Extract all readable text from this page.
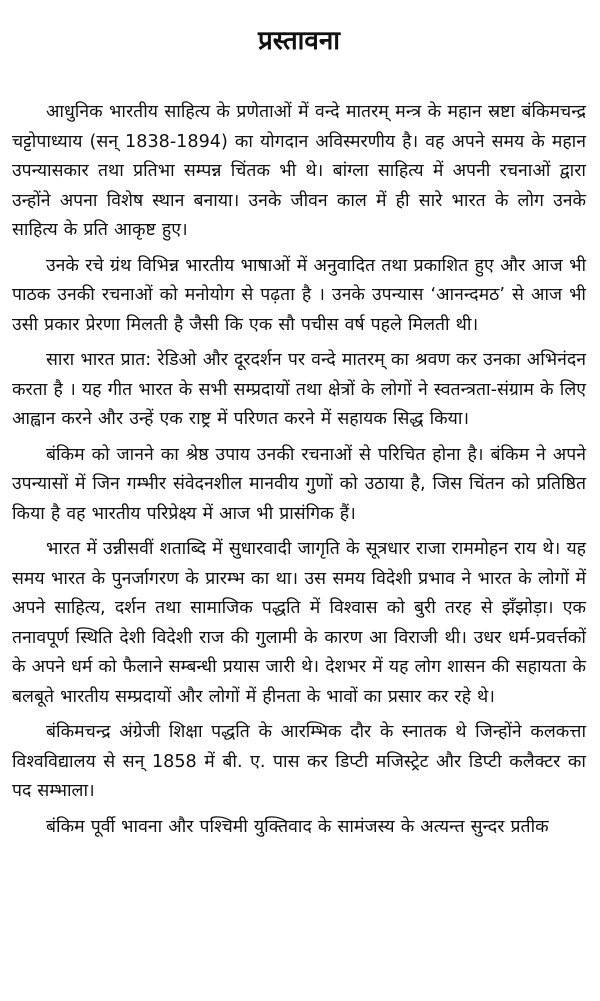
प्रस्तावना

आधुनिक भारतीय साहित्य के प्रणेताओं में वन्दे मातरम् मन्त्र के महान स्रष्टा बंकिमचन्द्र चट्टोपाध्याय (सन् 1838-1894) का योगदान अविस्मरणीय है। वह अपने समय के महान उपन्यासकार तथा प्रतिभा सम्पन्न चिंतक भी थे। बांग्ला साहित्य में अपनी रचनाओं द्वारा उन्होंने अपना विशेष स्थान बनाया। उनके जीवन काल में ही सारे भारत के लोग उनके साहित्य के प्रति आकृष्ट हुए।

उनके रचे ग्रंथ विभिन्न भारतीय भाषाओं में अनुवादित तथा प्रकाशित हुए और आज भी पाठक उनकी रचनाओं को मनोयोग से पढ़ता है । उनके उपन्यास ‘आनन्दमठ’ से आज भी उसी प्रकार प्रेरणा मिलती है जैसी कि एक सौ पचीस वर्ष पहले मिलती थी।

सारा भारत प्रात: रेडिओ और दूरदर्शन पर वन्दे मातरम् का श्रवण कर उनका अभिनंदन करता है । यह गीत भारत के सभी सम्प्रदायों तथा क्षेत्रों के लोगों ने स्वतन्त्रता-संग्राम के लिए आह्वान करने और उन्हें एक राष्ट्र में परिणत करने में सहायक सिद्ध किया।

बंकिम को जानने का श्रेष्ठ उपाय उनकी रचनाओं से परिचित होना है। बंकिम ने अपने उपन्यासों में जिन गम्भीर संवेदनशील मानवीय गुणों को उठाया है, जिस चिंतन को प्रतिष्ठित किया है वह भारतीय परिप्रेक्ष्य में आज भी प्रासंगिक हैं।

भारत में उन्नीसवीं शताब्दि में सुधारवादी जागृति के सूत्रधार राजा राममोहन राय थे। यह समय भारत के पुनर्जागरण के प्रारम्भ का था। उस समय विदेशी प्रभाव ने भारत के लोगों में अपने साहित्य, दर्शन तथा सामाजिक पद्धति में विश्वास को बुरी तरह से झँझोड़ा। एक तनावपूर्ण स्थिति देशी विदेशी राज की गुलामी के कारण आ विराजी थी। उधर धर्म-प्रवर्त्तकों के अपने धर्म को फैलाने सम्बन्धी प्रयास जारी थे। देशभर में यह लोग शासन की सहायता के बलबूते भारतीय सम्प्रदायों और लोगों में हीनता के भावों का प्रसार कर रहे थे।

बंकिमचन्द्र अंग्रेजी शिक्षा पद्धति के आरम्भिक दौर के स्नातक थे जिन्होंने कलकत्ता विश्वविद्यालय से सन् 1858 में बी. ए. पास कर डिप्टी मजिस्ट्रेट और डिप्टी कलैक्टर का पद सम्भाला।

बंकिम पूर्वी भावना और पश्चिमी युक्तिवाद के सामंजस्य के अत्यन्त सुन्दर प्रतीक
